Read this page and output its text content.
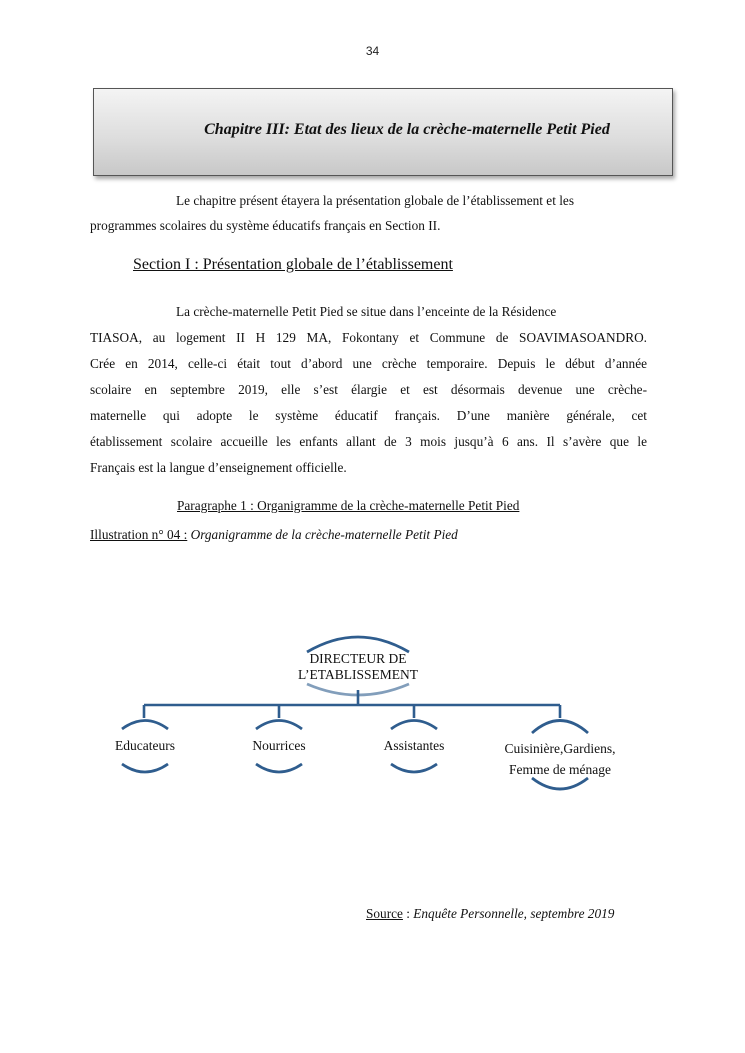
34
Chapitre III: Etat des lieux de la crèche-maternelle Petit Pied
Le chapitre présent étayera la présentation globale de l’établissement et les
programmes scolaires du système éducatifs français en Section II.
Section I : Présentation globale de l’établissement
La crèche-maternelle Petit Pied se situe dans l’enceinte de la Résidence
TIASOA, au logement II H 129 MA, Fokontany et Commune de SOAVIMASOANDRO.
Crée en 2014, celle-ci était tout d’abord une crèche temporaire. Depuis le début d’année
scolaire en septembre 2019, elle s’est élargie et est désormais devenue une crèche-
maternelle qui adopte le système éducatif français. D’une manière générale, cet
établissement scolaire accueille les enfants allant de 3 mois jusqu’à 6 ans. Il s’avère que le
Français est la langue d’enseignement officielle.
Paragraphe 1 : Organigramme de la crèche-maternelle Petit Pied
Illustration n° 04 : Organigramme de la crèche-maternelle Petit Pied
DIRECTEUR DE
L’ETABLISSEMENT
Educateurs	Nourrices	Assistantes	Cuisinière,Gardiens,
Femme de ménage
Source : Enquête Personnelle, septembre 2019
